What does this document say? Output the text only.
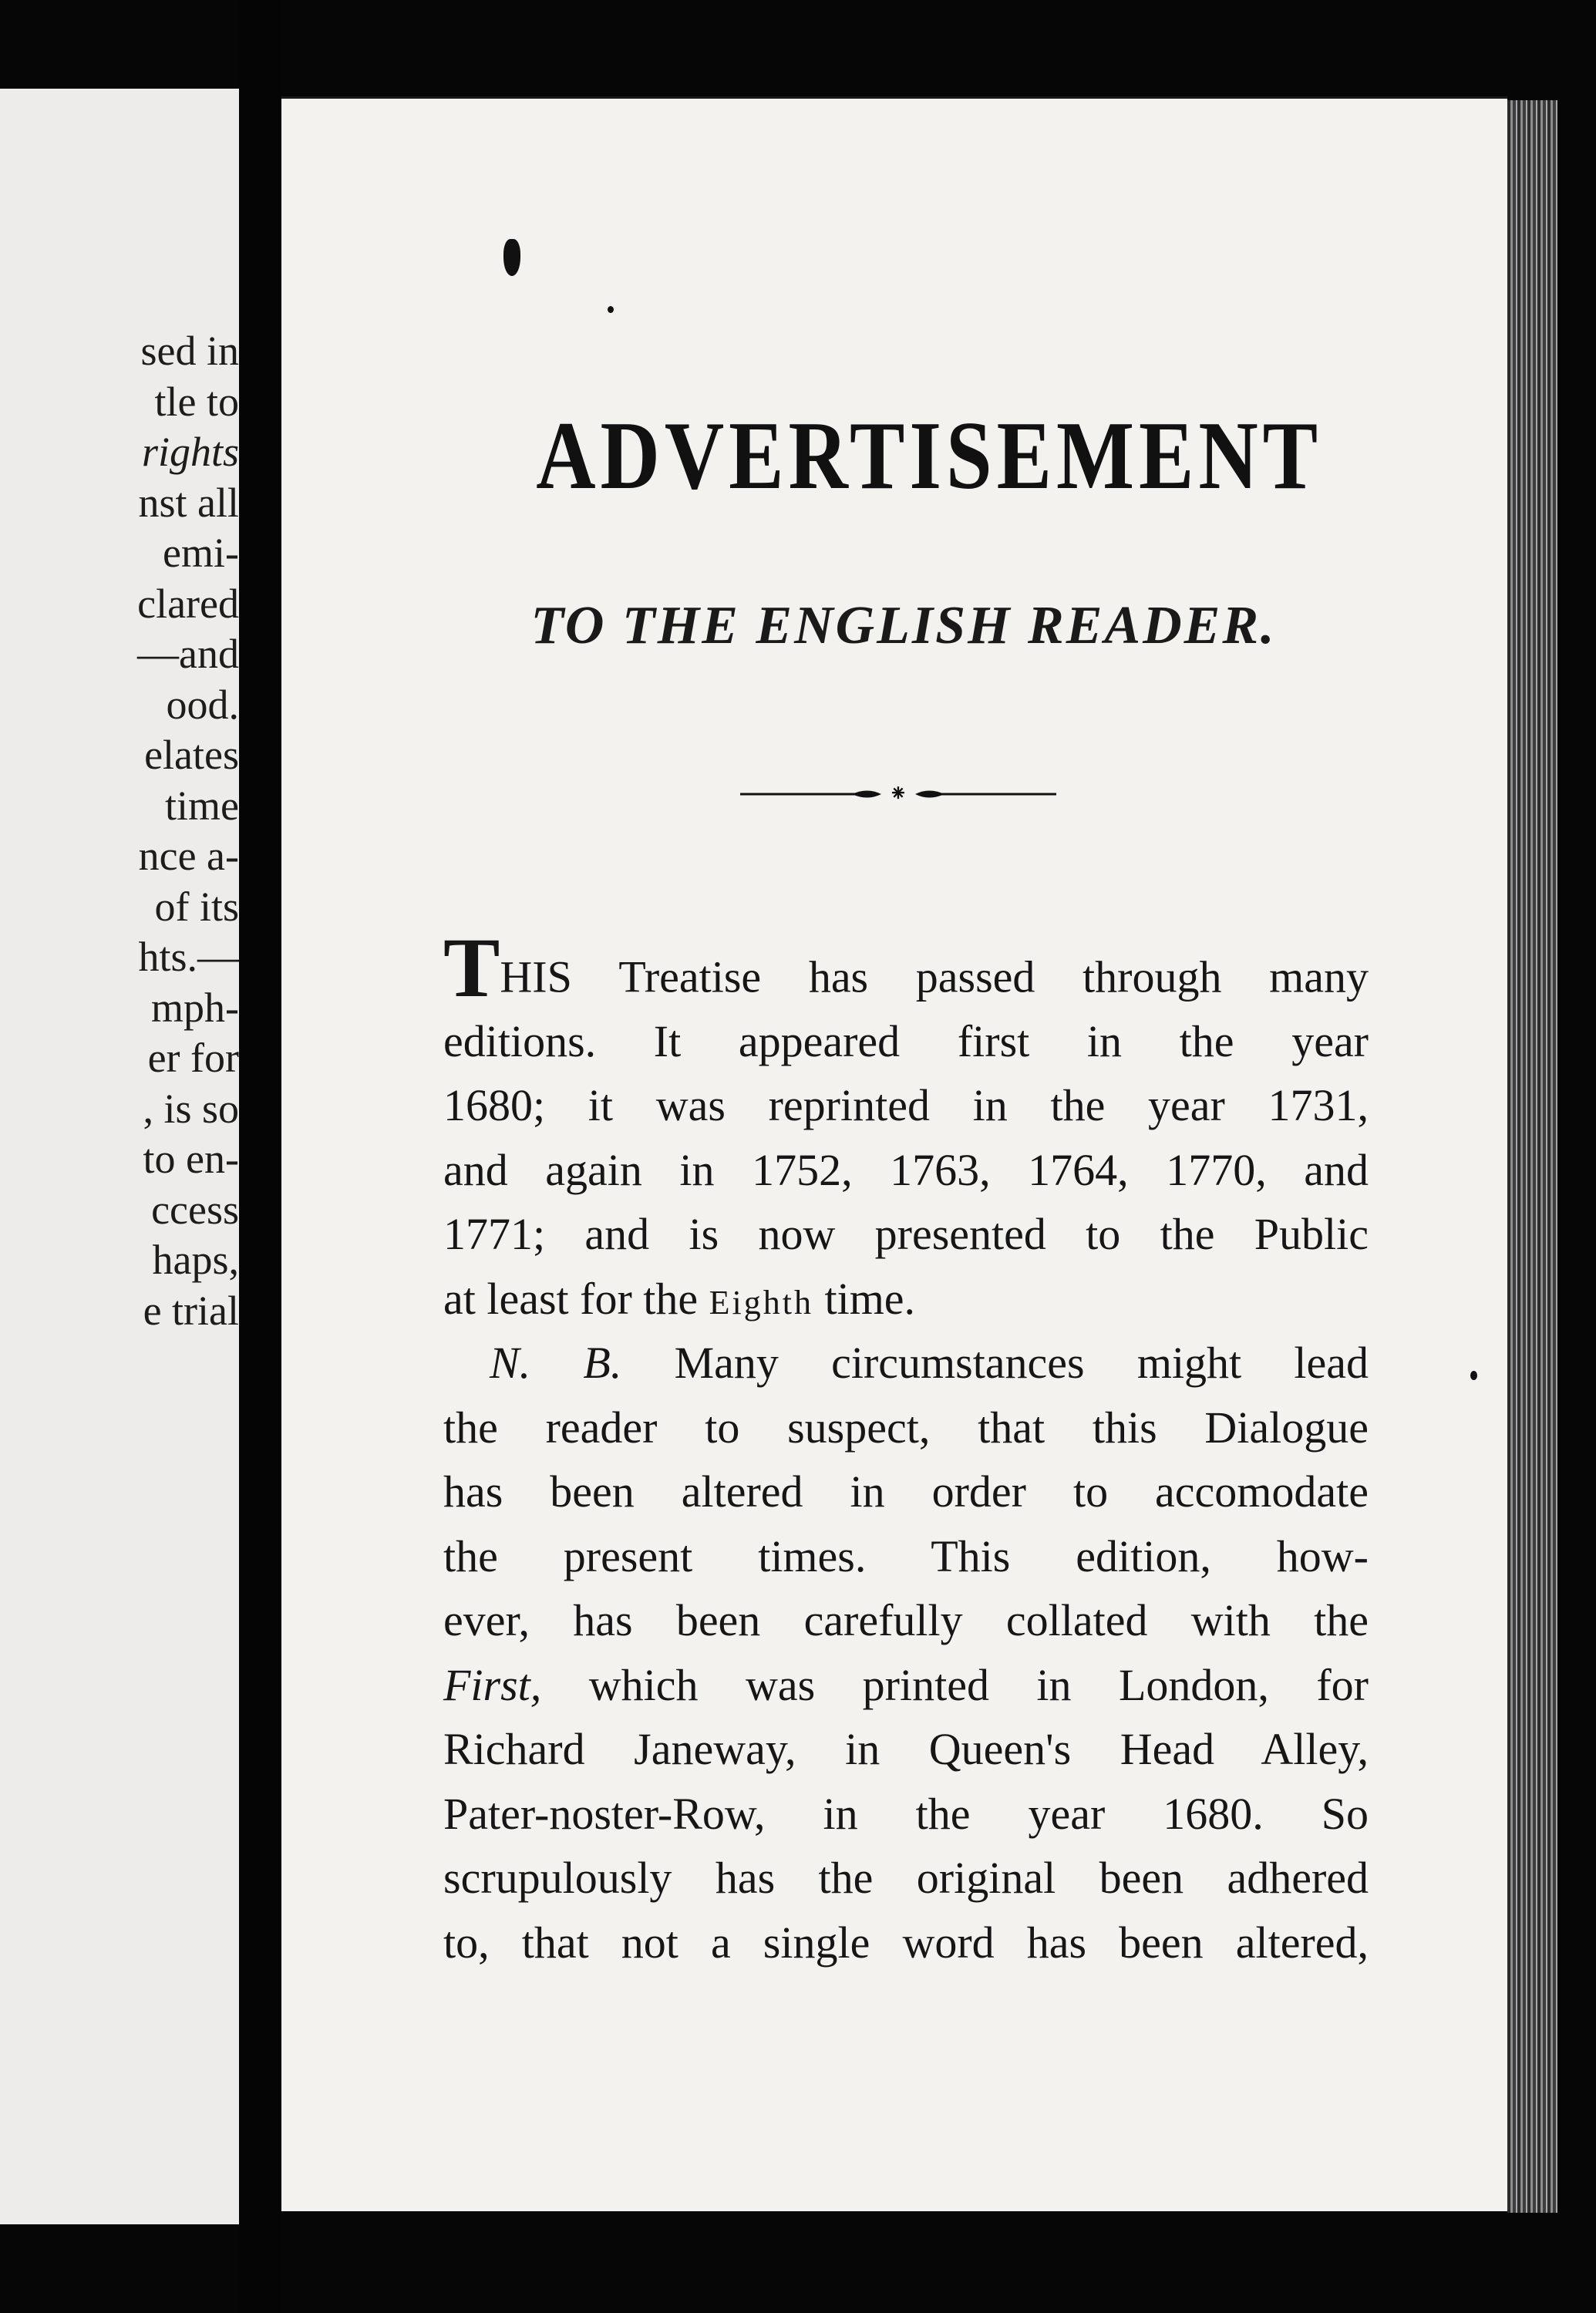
sed in
tle to
rights
nst all
emi-
clared
—and
ood.
elates
time
nce a-
of its
hts.—
mph-
er for
, is so
to en-
ccess
haps,
e trial
ADVERTISEMENT
TO THE ENGLISH READER.
⁕

THIS Treatise has passed through many
editions. It appeared first in the year
1680; it was reprinted in the year 1731,
and again in 1752, 1763, 1764, 1770, and
1771; and is now presented to the Public
at least for the Eighth time.

N. B. Many circumstances might lead
the reader to suspect, that this Dialogue
has been altered in order to accomodate
the present times. This edition, how-
ever, has been carefully collated with the
First, which was printed in London, for
Richard Janeway, in Queen's Head Alley,
Pater-noster-Row, in the year 1680. So
scrupulously has the original been adhered
to, that not a single word has been altered,
